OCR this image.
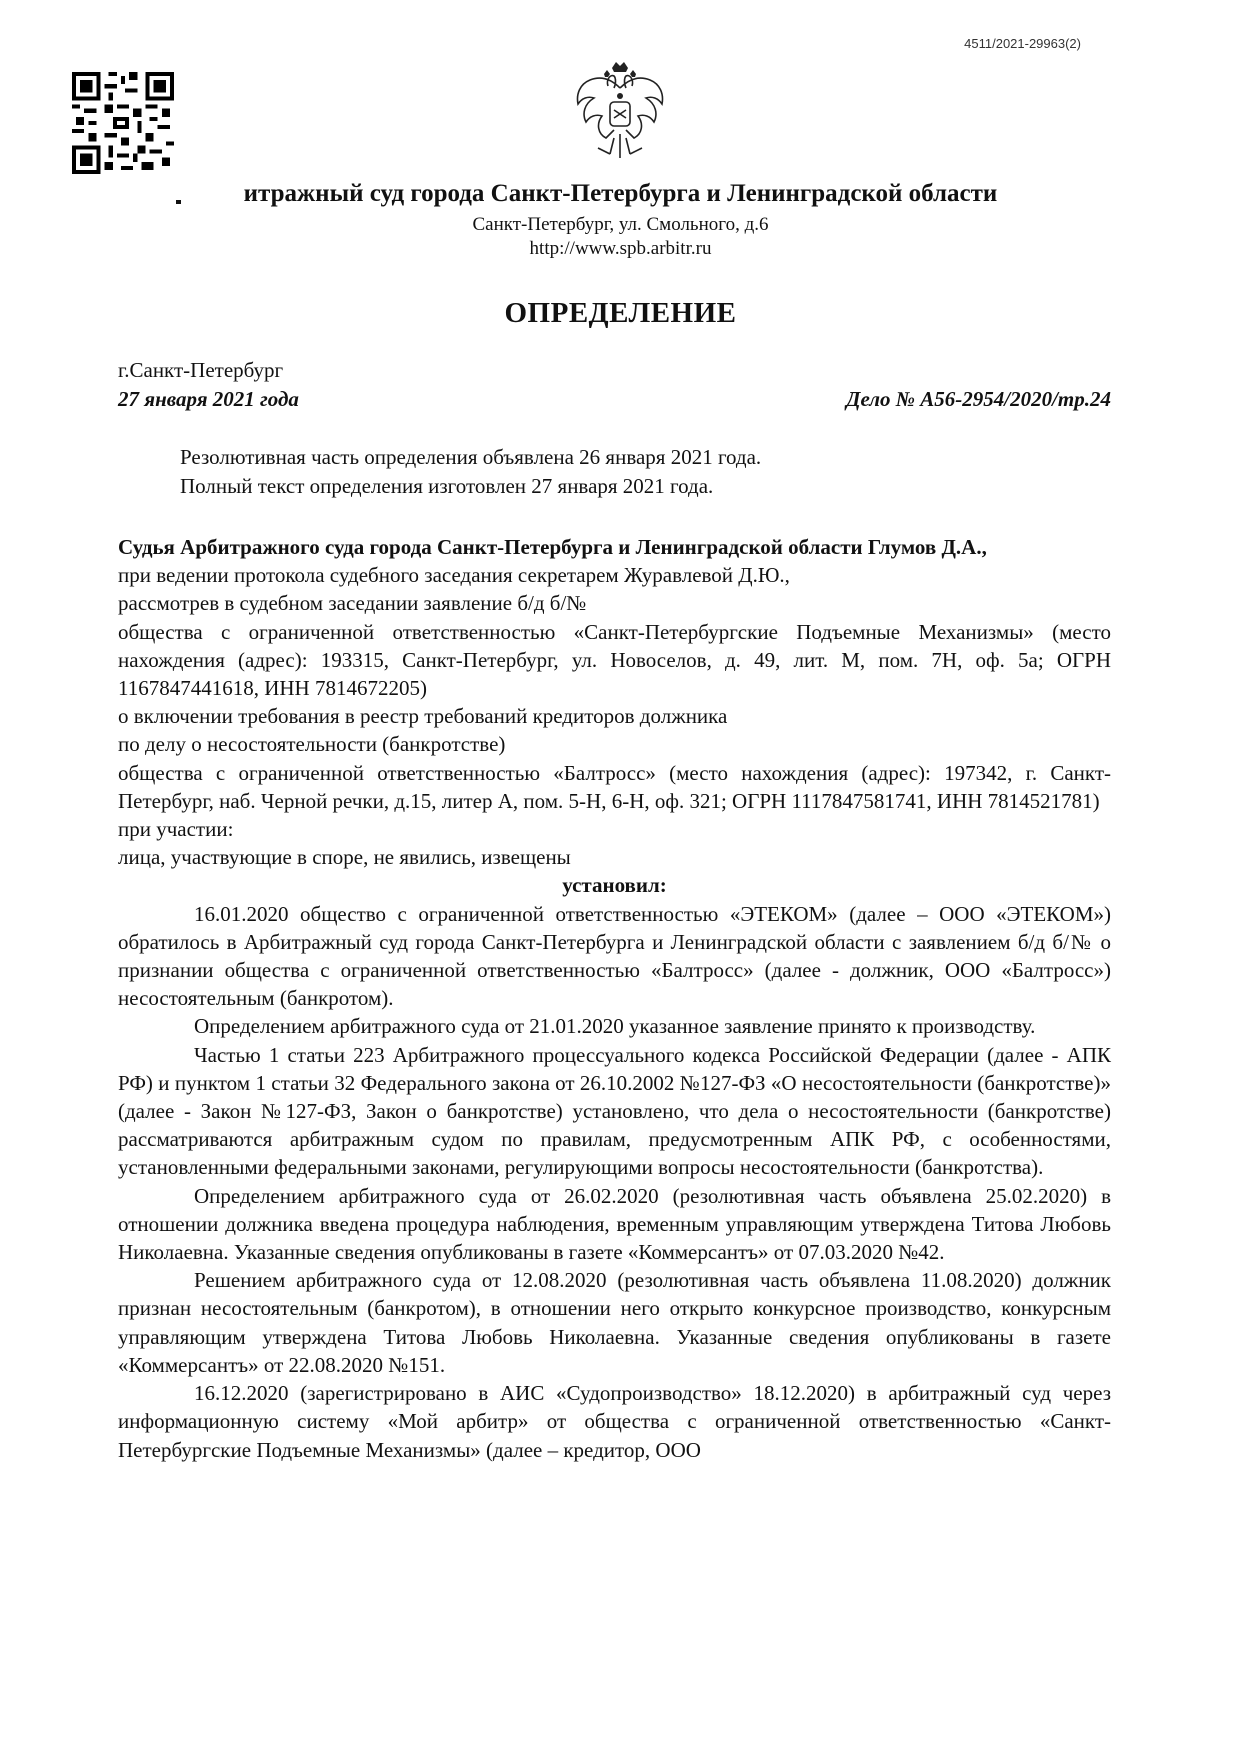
4511/2021-29963(2)
итражный суд города Санкт-Петербурга и Ленинградской области
Санкт-Петербург, ул. Смольного, д.6
http://www.spb.arbitr.ru
ОПРЕДЕЛЕНИЕ
г.Санкт-Петербург
27 января 2021 года	Дело № А56-2954/2020/тр.24
Резолютивная часть определения объявлена 26 января 2021 года.
Полный текст определения изготовлен 27 января 2021 года.

Судья Арбитражного суда города Санкт-Петербурга и Ленинградской области Глумов Д.А.,

при ведении протокола судебного заседания секретарем Журавлевой Д.Ю.,

рассмотрев в судебном заседании заявление б/д б/№

общества с ограниченной ответственностью «Санкт-Петербургские Подъемные Механизмы» (место нахождения (адрес): 193315, Санкт-Петербург, ул. Новоселов, д. 49, лит. М, пом. 7Н, оф. 5а; ОГРН 1167847441618, ИНН 7814672205)

о включении требования в реестр требований кредиторов должника

по делу о несостоятельности (банкротстве)

общества с ограниченной ответственностью «Балтросс» (место нахождения (адрес): 197342, г. Санкт-Петербург, наб. Черной речки, д.15, литер А, пом. 5-Н, 6-Н, оф. 321; ОГРН 1117847581741, ИНН 7814521781)

при участии:

лица, участвующие в споре, не явились, извещены

установил:

16.01.2020 общество с ограниченной ответственностью «ЭТЕКОМ» (далее – ООО «ЭТЕКОМ») обратилось в Арбитражный суд города Санкт-Петербурга и Ленинградской области с заявлением б/д б/№ о признании общества с ограниченной ответственностью «Балтросс» (далее - должник, ООО «Балтросс») несостоятельным (банкротом).

Определением арбитражного суда от 21.01.2020 указанное заявление принято к производству.

Частью 1 статьи 223 Арбитражного процессуального кодекса Российской Федерации (далее - АПК РФ) и пунктом 1 статьи 32 Федерального закона от 26.10.2002 №127-ФЗ «О несостоятельности (банкротстве)» (далее - Закон №127-ФЗ, Закон о банкротстве) установлено, что дела о несостоятельности (банкротстве) рассматриваются арбитражным судом по правилам, предусмотренным АПК РФ, с особенностями, установленными федеральными законами, регулирующими вопросы несостоятельности (банкротства).

Определением арбитражного суда от 26.02.2020 (резолютивная часть объявлена 25.02.2020) в отношении должника введена процедура наблюдения, временным управляющим утверждена Титова Любовь Николаевна. Указанные сведения опубликованы в газете «Коммерсантъ» от 07.03.2020 №42.

Решением арбитражного суда от 12.08.2020 (резолютивная часть объявлена 11.08.2020) должник признан несостоятельным (банкротом), в отношении него открыто конкурсное производство, конкурсным управляющим утверждена Титова Любовь Николаевна. Указанные сведения опубликованы в газете «Коммерсантъ» от 22.08.2020 №151.

16.12.2020 (зарегистрировано в АИС «Судопроизводство» 18.12.2020) в арбитражный суд через информационную систему «Мой арбитр» от общества с ограниченной ответственностью «Санкт-Петербургские Подъемные Механизмы» (далее – кредитор, ООО
